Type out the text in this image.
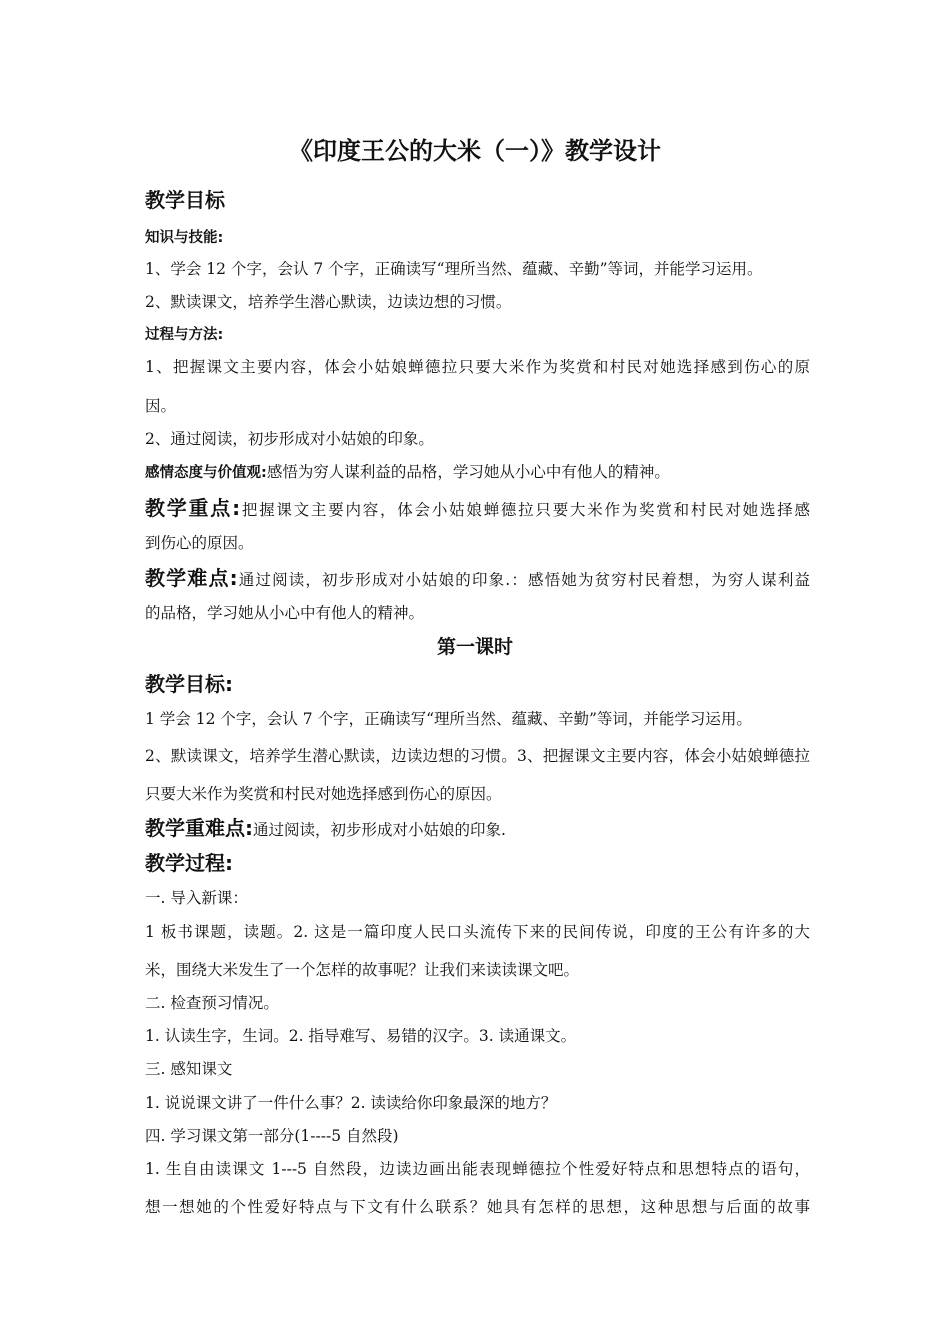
《印度王公的大米（一）》教学设计
教学目标
知识与技能:
1、学会 12 个字，会认 7 个字，正确读写“理所当然、蕴藏、辛勤”等词，并能学习运用。
2、默读课文，培养学生潜心默读，边读边想的习惯。
过程与方法:
1、把握课文主要内容，体会小姑娘蝉德拉只要大米作为奖赏和村民对她选择感到伤心的原
因。
2、通过阅读，初步形成对小姑娘的印象。
感情态度与价值观:感悟为穷人谋利益的品格，学习她从小心中有他人的精神。
教学重点:把握课文主要内容，体会小姑娘蝉德拉只要大米作为奖赏和村民对她选择感
到伤心的原因。
教学难点:通过阅读，初步形成对小姑娘的印象.：感悟她为贫穷村民着想，为穷人谋利益
的品格，学习她从小心中有他人的精神。
第一课时
教学目标:
1 学会 12 个字，会认 7 个字，正确读写“理所当然、蕴藏、辛勤”等词，并能学习运用。
2、默读课文，培养学生潜心默读，边读边想的习惯。3、把握课文主要内容，体会小姑娘蝉德拉
只要大米作为奖赏和村民对她选择感到伤心的原因。
教学重难点:通过阅读，初步形成对小姑娘的印象.
教学过程:
一. 导入新课：
1 板书课题，读题。2. 这是一篇印度人民口头流传下来的民间传说，印度的王公有许多的大
米，围绕大米发生了一个怎样的故事呢？让我们来读读课文吧。
二. 检查预习情况。
1. 认读生字，生词。2. 指导难写、易错的汉字。3. 读通课文。
三. 感知课文
1. 说说课文讲了一件什么事？2. 读读给你印象最深的地方？
四. 学习课文第一部分(1----5 自然段)
1. 生自由读课文 1---5 自然段，边读边画出能表现蝉德拉个性爱好特点和思想特点的语句，
想一想她的个性爱好特点与下文有什么联系？她具有怎样的思想，这种思想与后面的故事
